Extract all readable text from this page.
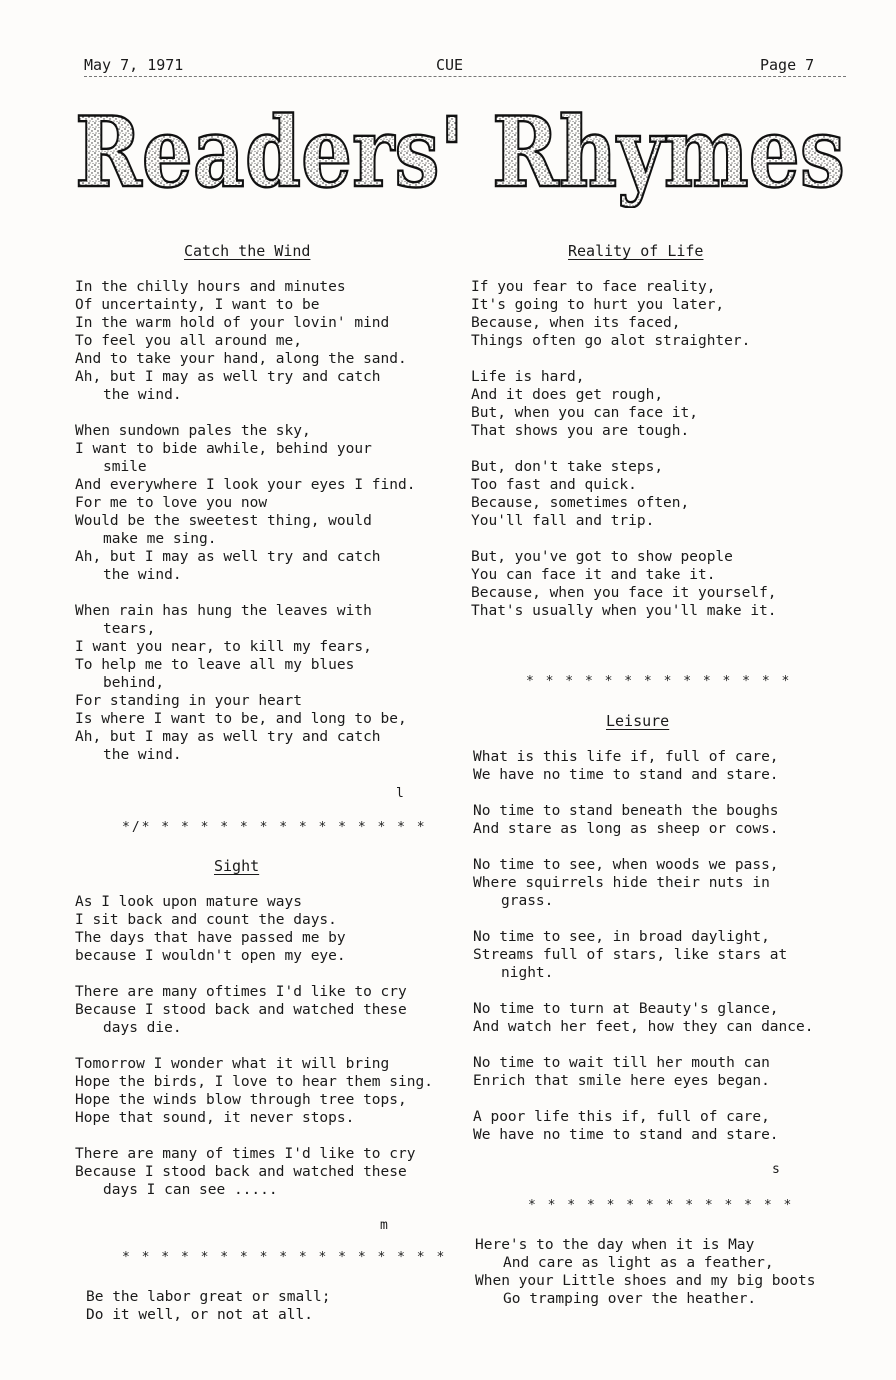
May 7, 1971	CUE	Page 7
Readers' Rhymes
Catch the Wind
In the chilly hours and minutes
Of uncertainty, I want to be
In the warm hold of your lovin' mind
To feel you all around me,
And to take your hand, along the sand.
Ah, but I may as well try and catch
the wind.
When sundown pales the sky,
I want to bide awhile, behind your
smile
And everywhere I look your eyes I find.
For me to love you now
Would be the sweetest thing, would
make me sing.
Ah, but I may as well try and catch
the wind.
When rain has hung the leaves with
tears,
I want you near, to kill my fears,
To help me to leave all my blues
behind,
For standing in your heart
Is where I want to be, and long to be,
Ah, but I may as well try and catch
the wind.
l
*/* * * * * * * * * * * * * * *
Sight
As I look upon mature ways
I sit back and count the days.
The days that have passed me by
because I wouldn't open my eye.
There are many oftimes I'd like to cry
Because I stood back and watched these
days die.
Tomorrow I wonder what it will bring
Hope the birds, I love to hear them sing.
Hope the winds blow through tree tops,
Hope that sound, it never stops.
There are many of times I'd like to cry
Because I stood back and watched these
days I can see .....
m
* * * * * * * * * * * * * * * * *
Be the labor great or small;
Do it well, or not at all.
Reality of Life
If you fear to face reality,
It's going to hurt you later,
Because, when its faced,
Things often go alot straighter.
Life is hard,
And it does get rough,
But, when you can face it,
That shows you are tough.
But, don't take steps,
Too fast and quick.
Because, sometimes often,
You'll fall and trip.
But, you've got to show people
You can face it and take it.
Because, when you face it yourself,
That's usually when you'll make it.
* * * * * * * * * * * * * *
Leisure
What is this life if, full of care,
We have no time to stand and stare.
No time to stand beneath the boughs
And stare as long as sheep or cows.
No time to see, when woods we pass,
Where squirrels hide their nuts in
grass.
No time to see, in broad daylight,
Streams full of stars, like stars at
night.
No time to turn at Beauty's glance,
And watch her feet, how they can dance.
No time to wait till her mouth can
Enrich that smile here eyes began.
A poor life this if, full of care,
We have no time to stand and stare.
s
* * * * * * * * * * * * * *
Here's to the day when it is May
And care as light as a feather,
When your Little shoes and my big boots
Go tramping over the heather.
